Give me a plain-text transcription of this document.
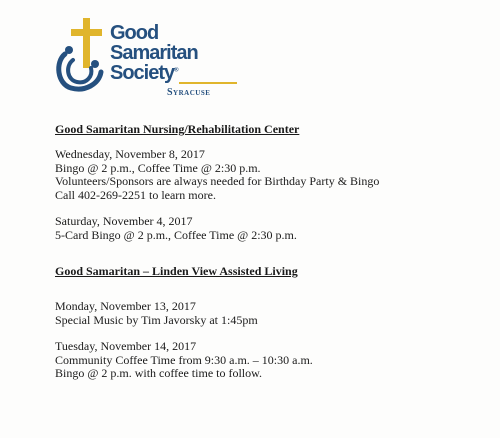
Good
Samaritan
Society®
Syracuse

Good Samaritan Nursing/Rehabilitation Center

Wednesday, November 8, 2017

Bingo @ 2 p.m., Coffee Time @ 2:30 p.m.

Volunteers/Sponsors are always needed for Birthday Party & Bingo

Call 402-269-2251 to learn more.

Saturday, November 4, 2017

5-Card Bingo @ 2 p.m., Coffee Time @ 2:30 p.m.

Good Samaritan – Linden View Assisted Living

Monday, November 13, 2017

Special Music by Tim Javorsky at 1:45pm

Tuesday, November 14, 2017

Community Coffee Time from 9:30 a.m. – 10:30 a.m.

Bingo @ 2 p.m. with coffee time to follow.
